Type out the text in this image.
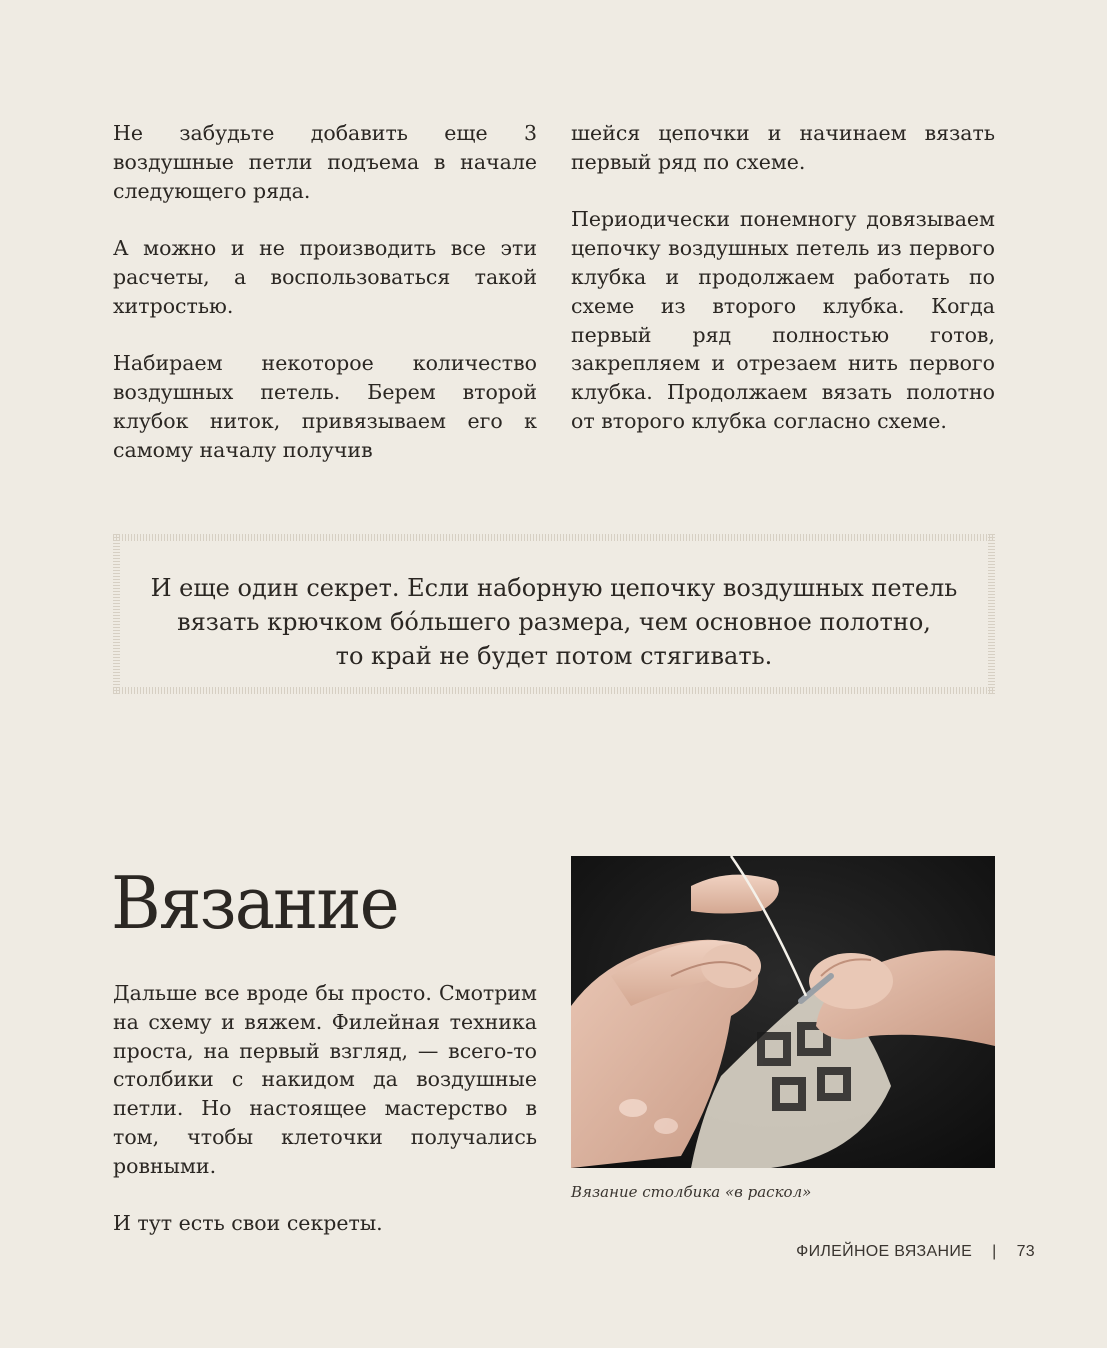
Не забудьте добавить еще 3 воздушные петли подъема в начале следующего ряда.

А можно и не производить все эти расчеты, а воспользоваться такой хитростью.

Набираем некоторое количество воздушных петель. Берем второй клубок ниток, привязываем его к самому началу получив

шейся цепочки и начинаем вязать первый ряд по схеме.

Периодически понемногу довязываем цепочку воздушных петель из первого клубка и продолжаем работать по схеме из второго клубка. Когда первый ряд полностью готов, закрепляем и отрезаем нить первого клубка. Продолжаем вязать полотно от второго клубка согласно схеме.

И еще один секрет. Если наборную цепочку воздушных петель
вязать крючком бóльшего размера, чем основное полотно,
то край не будет потом стягивать.
Вязание

Дальше все вроде бы просто. Смотрим на схему и вяжем. Филейная техника проста, на первый взгляд, — всего-то столбики с накидом да воздушные петли. Но настоящее мастерство в том, чтобы клеточки получались ровными.

И тут есть свои секреты.

Вязание столбика «в раскол»
ФИЛЕЙНОЕ ВЯЗАНИЕ | 73
